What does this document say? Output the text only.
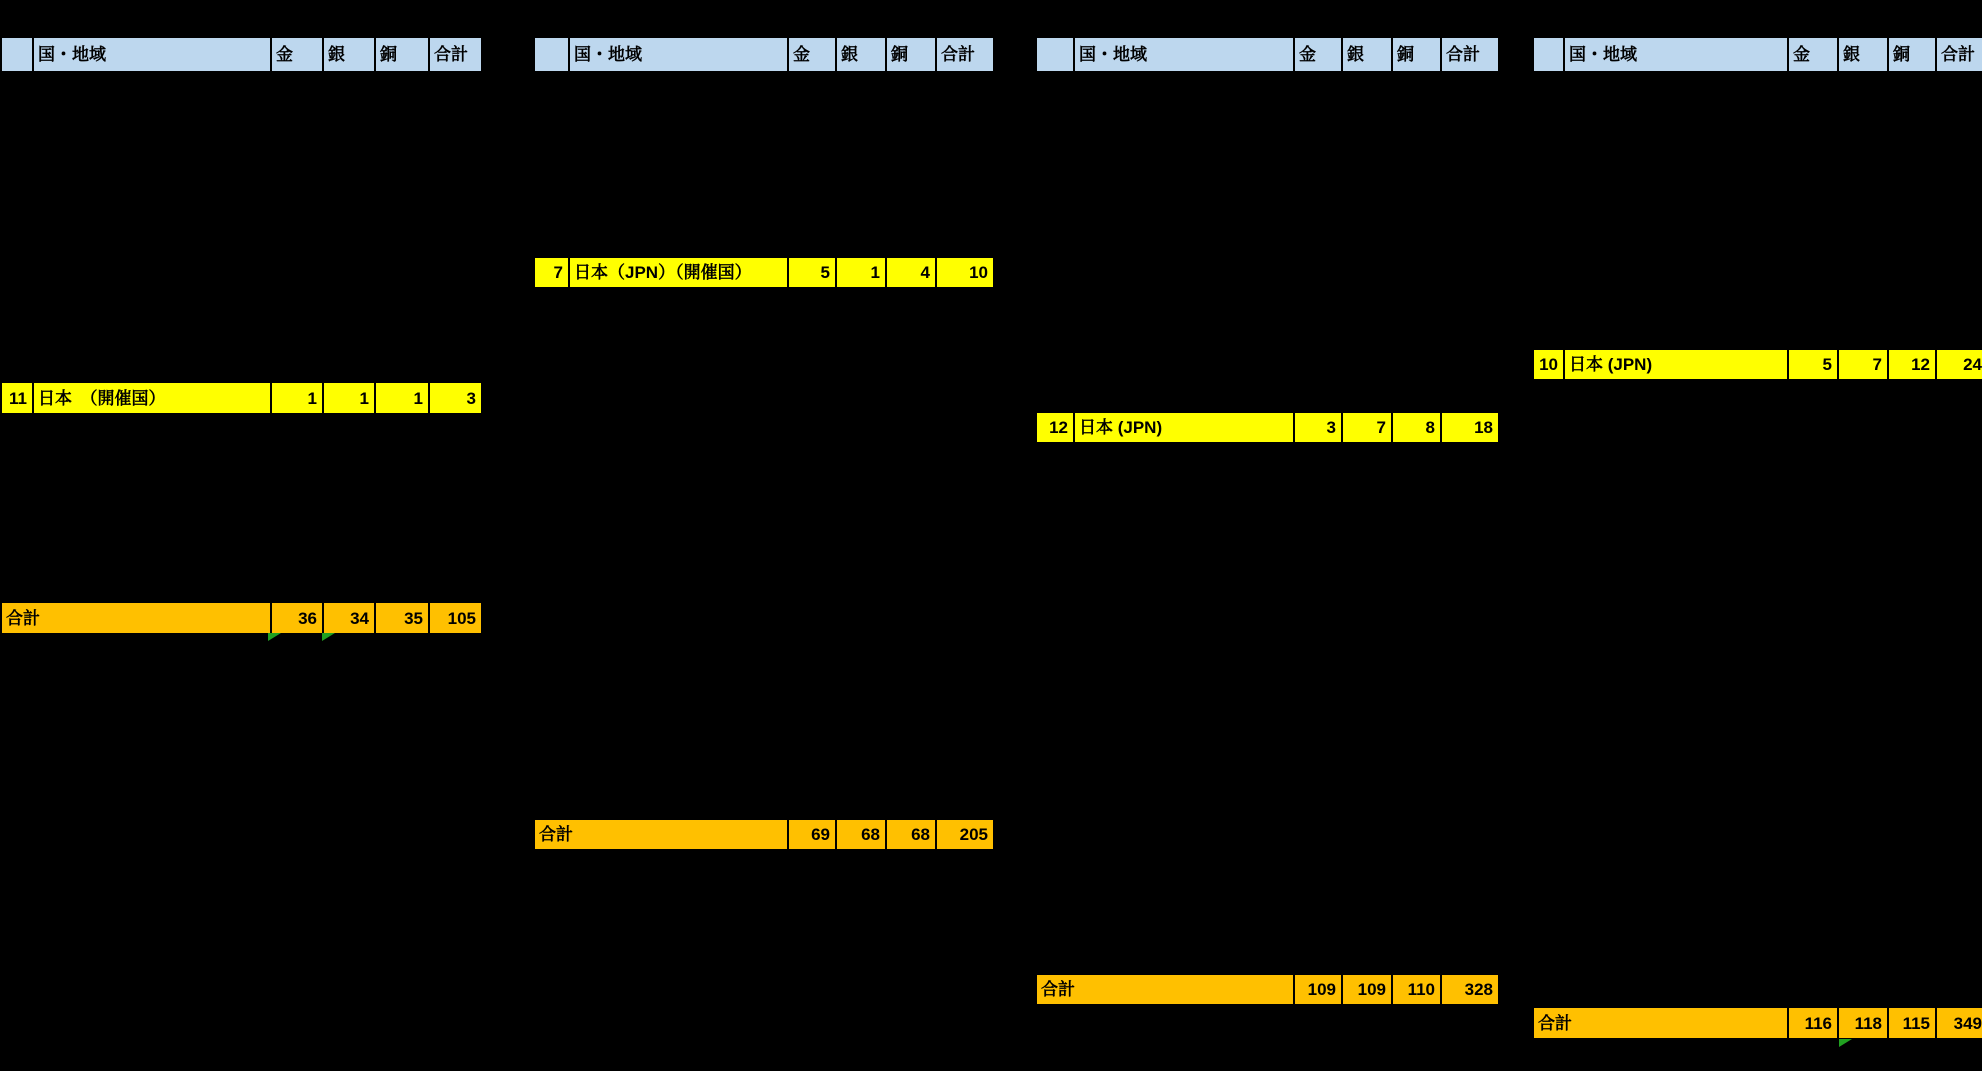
国・地域	金	銀	銅	合計
11 日本　（開催国）	1	1	1	3
合計	36	34	35	105
国・地域	金	銀	銅	合計
7 日本（JPN）（開催国）	5	1	4	10
合計	69	68	68	205
国・地域	金	銀	銅	合計
12 日本 (JPN)	3	7	8	18
合計	109	109	110	328
国・地域	金	銀	銅	合計
10 日本 (JPN)	5	7	12	24
合計	116	118	115	349
